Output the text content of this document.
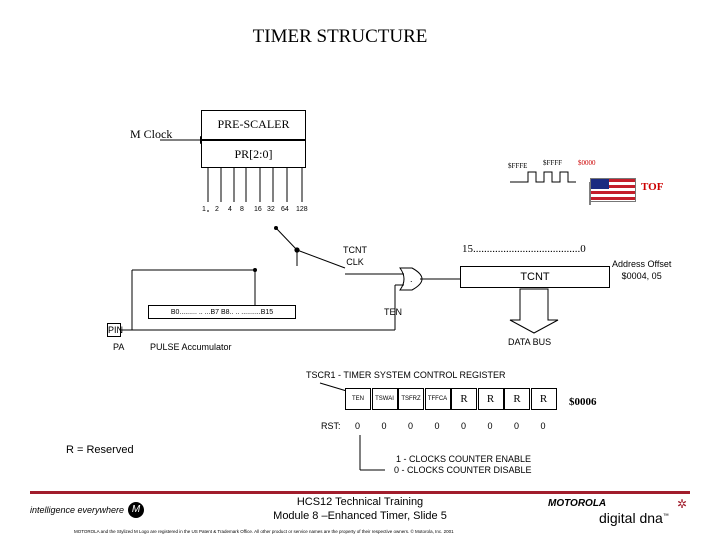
TIMER STRUCTURE
M Clock
PRE-SCALER
PR[2:0]
1 2 4 8 16 32 64 128
$FFFE $FFFF $0000
TOF
TCNT
CLK
15.......................................0
TCNT
Address Offset
$0004, 05
DATA BUS
.
TEN
B0......... .. ...B7 B8.. .. ..........B15
PIN
PA	PULSE Accumulator
TSCR1 - TIMER SYSTEM CONTROL REGISTER
TEN	TSWAI	TSFRZ	TFFCA	R	R	R	R	$0006
RST: 0 0 0 0 0 0 0 0
R = Reserved
1 - CLOCKS COUNTER ENABLE
0 - CLOCKS COUNTER DISABLE
intelligence everywhere M
HCS12 Technical Training
Module 8 –Enhanced Timer, Slide 5
MOTOROLA
digital dna™
✲
MOTOROLA and the Stylized M Logo are registered in the US Patent & Trademark Office. All other product or service names are the property of their respective owners. © Motorola, Inc. 2001
